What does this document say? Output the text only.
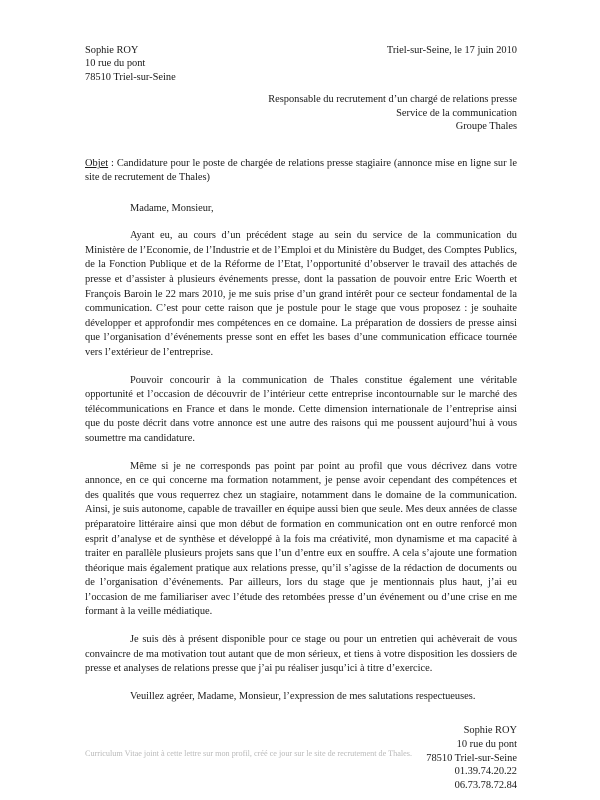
Sophie ROY
10 rue du pont
78510 Triel-sur-Seine
Triel-sur-Seine, le 17 juin 2010
Responsable du recrutement d’un chargé de relations presse
Service de la communication
Groupe Thales
Objet : Candidature pour le poste de chargée de relations presse stagiaire (annonce mise en ligne sur le site de recrutement de Thales)
Madame, Monsieur,

Ayant eu, au cours d’un précédent stage au sein du service de la communication du Ministère de l’Economie, de l’Industrie et de l’Emploi et du Ministère du Budget, des Comptes Publics, de la Fonction Publique et de la Réforme de l’Etat, l’opportunité d’observer le travail des attachés de presse et d’assister à plusieurs événements presse, dont la passation de pouvoir entre Eric Woerth et François Baroin le 22 mars 2010, je me suis prise d’un grand intérêt pour ce secteur fondamental de la communication. C’est pour cette raison que je postule pour le stage que vous proposez : je souhaite développer et approfondir mes compétences en ce domaine. La préparation de dossiers de presse ainsi que l’organisation d’événements presse sont en effet les bases d’une communication efficace tournée vers l’extérieur de l’entreprise.

Pouvoir concourir à la communication de Thales constitue également une véritable opportunité et l’occasion de découvrir de l’intérieur cette entreprise incontournable sur le marché des télécommunications en France et dans le monde. Cette dimension internationale de l’entreprise ainsi que du poste décrit dans votre annonce est une autre des raisons qui me poussent aujourd’hui à vous soumettre ma candidature.

Même si je ne corresponds pas point par point au profil que vous décrivez dans votre annonce, en ce qui concerne ma formation notamment, je pense avoir cependant des compétences et des qualités que vous requerrez chez un stagiaire, notamment dans le domaine de la communication. Ainsi, je suis autonome, capable de travailler en équipe aussi bien que seule. Mes deux années de classe préparatoire littéraire ainsi que mon début de formation en communication ont en outre renforcé mon esprit d’analyse et de synthèse et développé à la fois ma créativité, mon dynamisme et ma capacité à traiter en parallèle plusieurs projets sans que l’un d’entre eux en souffre. A cela s’ajoute une formation théorique mais également pratique aux relations presse, qu’il s’agisse de la rédaction de documents ou de l’organisation d’événements. Par ailleurs, lors du stage que je mentionnais plus haut, j’ai eu l’occasion de me familiariser avec l’étude des retombées presse d’un événement ou d’une crise en me formant à la veille médiatique.

Je suis dès à présent disponible pour ce stage ou pour un entretien qui achèverait de vous convaincre de ma motivation tout autant que de mon sérieux, et tiens à votre disposition les dossiers de presse et analyses de relations presse que j’ai pu réaliser jusqu’ici à titre d’exercice.

Veuillez agréer, Madame, Monsieur, l’expression de mes salutations respectueuses.

Sophie ROY
10 rue du pont
78510 Triel-sur-Seine
01.39.74.20.22
06.73.78.72.84
Curriculum Vitae joint à cette lettre sur mon profil, créé ce jour sur le site de recrutement de Thales.
